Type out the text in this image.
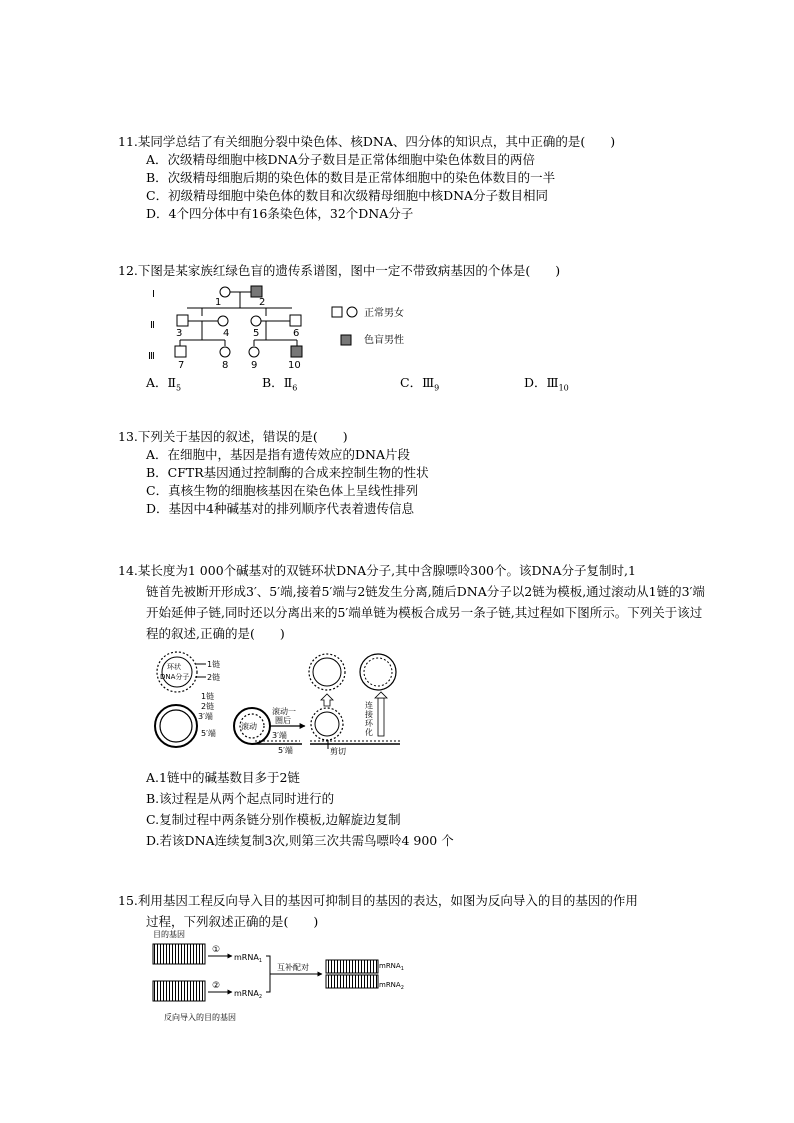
11.某同学总结了有关细胞分裂中染色体、核DNA、四分体的知识点，其中正确的是(　　)
A．次级精母细胞中核DNA分子数目是正常体细胞中染色体数目的两倍
B．次级精母细胞后期的染色体的数目是正常体细胞中的染色体数目的一半
C．初级精母细胞中染色体的数目和次级精母细胞中核DNA分子数目相同
D．4个四分体中有16条染色体，32个DNA分子
12.下图是某家族红绿色盲的遗传系谱图，图中一定不带致病基因的个体是(　　)
Ⅰ
Ⅱ
Ⅲ
1	2
3	4 5	6
7	8 9	10
正常男女
色盲男性
A．$Ⅱ_5$	B．$Ⅱ_6$	C．$Ⅲ_9$	D．$Ⅲ_{10}$
13.下列关于基因的叙述，错误的是(　　)
A．在细胞中，基因是指有遗传效应的DNA片段
B．CFTR基因通过控制酶的合成来控制生物的性状
C．真核生物的细胞核基因在染色体上呈线性排列
D．基因中4种碱基对的排列顺序代表着遗传信息
14.某长度为1 000个碱基对的双链环状DNA分子,其中含腺嘌呤300个。该DNA分子复制时,1
链首先被断开形成3′、5′端,接着5′端与2链发生分离,随后DNA分子以2链为模板,通过滚动从1链的3′端开始延伸子链,同时还以分离出来的5′端单链为模板合成另一条子链,其过程如下图所示。下列关于该过程的叙述,正确的是(　　)
环状
DNA分子
1链
2链
1链
2链
3′端
5′端
滚动
3′端
5′端
滚动一
圈后
剪切
连
接
环
化
A.1链中的碱基数目多于2链
B.该过程是从两个起点同时进行的
C.复制过程中两条链分别作模板,边解旋边复制
D.若该DNA连续复制3次,则第三次共需鸟嘌呤4 900 个
15.利用基因工程反向导入目的基因可抑制目的基因的表达，如图为反向导入的目的基因的作用
过程，下列叙述正确的是(　　)
目的基因
反向导入的目的基因
①
mRNA$_1$
②
mRNA$_2$
互补配对	mRNA$_1$
mRNA$_2$
